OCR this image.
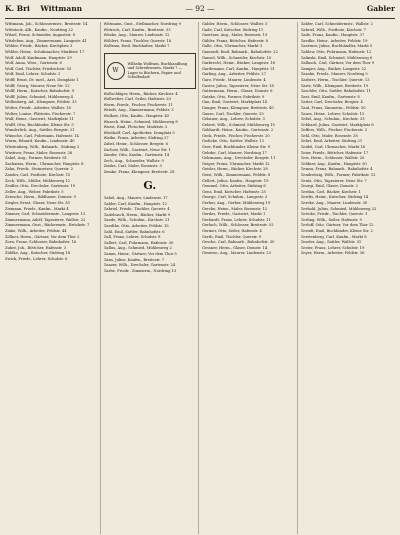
K. Bri Wittmann	— 92 —	Gabler
Wittmann, Joh., Schlossermstr., Breitestr. 14
Wittstock, Alb., Kaufm., Nordring 22
Witzel, Franz, Schneider, Auguststr. 8
Witzleben, Aug., Zimmermann, Langestr. 41
Wöhler, Friedr., Bäcker, Kirchplatz 3
Wöhler, Heinr., Schuhmacher, Marktstr. 17
Wolf, Adolf, Kaufmann, Hauptstr. 29
Wolf, Anna, Wwe., Gartenstr. 6
Wolf, Carl, Tischler, Friedrichstr. 55
Wolf, Emil, Lehrer, Schulstr. 2
Wolff, Ernst, Dr. med., Arzt, Domplatz 1
Wolff, Georg, Maurer, Neue Str. 12
Wolff, Herm., Kutscher, Bahnhofstr. 9
Wolff, Julius, Schmied, Mühlenweg 4
Wollenberg, Ad., Klempner, Feldstr. 33
Wolter, Friedr., Arbeiter, Wallstr. 18
Wolter, Louise, Plätterin, Fischerstr. 7
Wulf, Heinr., Gastwirt, Marktplatz 11
Wulff, Otto, Buchbinder, Kleine Str. 5
Wunderlich, Aug., Sattler, Bergstr. 21
Wünsche, Carl, Fuhrmann, Hafenstr. 14
Wurm, Eduard, Kaufm., Lindenstr. 40
Wüstenberg, Wilh., Bahnarb., Südring 3
Wustrow, Franz, Maler, Rosenstr. 26
Zabel, Aug., Former, Breitestr. 61
Zacharias, Herm., Uhrmacher, Hauptstr. 8
Zahn, Friedr., Steinsetzer, Querstr. 2
Zander, Carl, Postbote, Kirchstr. 15
Zech, Wilh., Müller, Mühlenweg 12
Zeidler, Otto, Drechsler, Gartenstr. 19
Zeller, Aug., Weber, Fabrikstr. 5
Zetzsche, Herm., Bildhauer, Domstr. 9
Ziegler, Ernst, Glaser, Neue Str. 30
Ziemann, Friedr., Kaufm., Markt 4
Zimmer, Carl, Schneidermstr., Langestr. 13
Zimmermann, Adolf, Tapezierer, Wallstr. 22
Zimmermann, Gust., Bäckermstr., Brückstr. 7
Zinke, Wilh., Arbeiter, Feldstr. 44
Zöllner, Herm., Gärtner, Vor dem Thor 2
Zorn, Franz, Schlosser, Bahnhofstr. 16
Zuber, Joh., Böttcher, Hafenstr. 3
Zühlke, Aug., Kutscher, Südring 18
Zwick, Friedr., Lehrer, Schulstr. 6
Wittmann, Gust., Stellmacher, Nordring 9
Wittrock, Carl, Kaufm., Breitestr. 33
Witzke, Aug., Maurer, Lindenstr. 12
Wöhlert, Franz, Tischler, Querstr. 18
Wolfram, Emil, Buchhalter, Markt 7
W
Wilhelm Wolfram, Buchhandlung und Schreibwaren, Markt 7 — Lager in Büchern, Papier und Schulbedarf.
Wollschläger, Herm., Bäcker, Kirchstr. 4
Wollweber, Carl, Seiler, Hafenstr. 20
Worm, Friedr., Fischer, Fischerstr. 11
Wriedt, Aug., Zimmermann, Feldstr. 3
Wulkow, Otto, Kaufm., Hauptstr. 45
Wunsch, Heinr., Schmied, Mühlenweg 8
Wurst, Emil, Fleischer, Marktstr. 2
Wüsthoff, Carl, Apotheker, Domplatz 5
Wutke, Franz, Arbeiter, Südring 27
Zabel, Heinr., Schlosser, Bergstr. 6
Zachow, Wilh., Gastwirt, Neue Str. 1
Zander, Otto, Kaufm., Gartenstr. 14
Zech, Aug., Schneider, Wallstr. 9
Zeiske, Carl, Maler, Rosenstr. 3
Zemke, Franz, Klempner, Breitestr. 28
G.
Gabel, Aug., Maurer, Lindenstr. 17
Gabler, Carl, Kaufm., Hauptstr. 12
Gabriel, Friedr., Tischler, Querstr. 4
Gadebusch, Herm., Bäcker, Markt 9
Gaede, Wilh., Schuhm., Kirchstr. 21
Gaedtke, Otto, Arbeiter, Feldstr. 15
Gahl, Emil, Sattler, Bahnhofstr. 6
Gall, Franz, Lehrer, Schulstr. 8
Gallert, Carl, Fuhrmann, Hafenstr. 30
Gallus, Aug., Schmied, Mühlenweg 2
Gamm, Heinr., Gärtner, Vor dem Thor 5
Gans, Julius, Kaufm., Breitestr. 7
Ganzer, Wilh., Drechsler, Gartenstr. 24
Garbe, Friedr., Zimmerm., Nordring 13
Gabler, Herm., Schlosser, Wallstr. 5
Gade, Carl, Kutscher, Südring 11
Gaertner, Aug., Maler, Rosenstr. 19
Gäbler, Franz, Böttcher, Hafenstr. 8
Galle, Otto, Uhrmacher, Markt 3
Gamradt, Emil, Bahnarb., Bahnhofstr. 22
Gansel, Wilh., Schneider, Kirchstr. 10
Garbrecht, Heinr., Bäcker, Langestr. 16
Gardemann, Carl, Kaufm., Hauptstr. 31
Garling, Aug., Arbeiter, Feldstr. 27
Garz, Friedr., Maurer, Lindenstr. 4
Gaster, Julius, Tapezierer, Neue Str. 18
Gattermann, Herm., Glaser, Domstr. 6
Gatzke, Otto, Former, Fabrikstr. 9
Gau, Emil, Gastwirt, Marktplatz 14
Gauger, Franz, Klempner, Breitestr. 40
Gause, Carl, Tischler, Querstr. 25
Gebauer, Aug., Lehrer, Schulstr. 3
Gebert, Wilh., Schmied, Mühlenweg 15
Gebhardt, Heinr., Kaufm., Gartenstr. 2
Geck, Friedr., Fischer, Fischerstr. 20
Gedicke, Otto, Sattler, Wallstr. 13
Geer, Emil, Buchbinder, Kleine Str. 9
Gehrke, Carl, Maurer, Nordring 17
Gehrmann, Aug., Drechsler, Bergstr. 11
Geiger, Franz, Uhrmacher, Markt 12
Geisler, Herm., Bäcker, Kirchstr. 28
Geist, Wilh., Zimmermann, Feldstr. 8
Gellert, Julius, Kaufm., Hauptstr. 19
Gemmel, Otto, Arbeiter, Südring 6
Genz, Emil, Kutscher, Hafenstr. 25
George, Carl, Schuhm., Langestr. 3
Gerber, Aug., Gerber, Mühlenweg 19
Gercke, Heinr., Maler, Rosenstr. 12
Gerdes, Friedr., Gastwirt, Markt 1
Gerhardt, Franz, Lehrer, Schulstr. 11
Gerlach, Wilh., Schlosser, Breitestr. 52
Germer, Otto, Seiler, Hafenstr. 4
Gerth, Emil, Tischler, Querstr. 9
Gesche, Carl, Bahnarb., Bahnhofstr. 30
Gessner, Herm., Glaser, Domstr. 14
Gewiese, Aug., Maurer, Lindenstr. 23
Gabler, Carl, Schneidermstr., Wallstr. 2
Gabriel, Wilh., Postbote, Kirchstr. 7
Gade, Franz, Kaufm., Hauptstr. 37
Gaedke, Heinr., Arbeiter, Feldstr. 19
Gaertner, Julius, Buchhändler, Markt 5
Gahlow, Otto, Fuhrmann, Hafenstr. 12
Galinski, Emil, Schmied, Mühlenweg 6
Gallasch, Carl, Gärtner, Vor dem Thor 9
Gamper, Aug., Bäcker, Langestr. 22
Ganske, Friedr., Maurer, Nordring 5
Garbers, Herm., Tischler, Querstr. 13
Gartz, Wilh., Klempner, Breitestr. 19
Gaschler, Otto, Sattler, Bahnhofstr. 11
Gast, Emil, Kaufm., Gartenstr. 8
Gatter, Carl, Drechsler, Bergstr. 4
Gaul, Franz, Zimmerm., Feldstr. 30
Gauss, Heinr., Lehrer, Schulstr. 15
Gebel, Aug., Schuhm., Kirchstr. 33
Gebhard, Julius, Gastwirt, Marktplatz 6
Geffers, Wilh., Fischer, Fischerstr. 2
Gehl, Otto, Maler, Rosenstr. 28
Gehrt, Emil, Arbeiter, Südring 21
Geidel, Carl, Uhrmacher, Markt 16
Geier, Friedr., Böttcher, Hafenstr. 17
Geis, Herm., Schlosser, Wallstr. 20
Geldner, Aug., Kaufm., Hauptstr. 50
Gemsa, Franz, Bahnarb., Bahnhofstr. 4
Gendreitzig, Wilh., Former, Fabrikstr. 12
Gentz, Otto, Tapezierer, Neue Str. 7
Georgi, Emil, Glaser, Domstr. 2
Gerdau, Carl, Bäcker, Kirchstr. 1
Gerdts, Heinr., Kutscher, Südring 14
Gereke, Aug., Maurer, Lindenstr. 30
Gerhold, Julius, Schmied, Mühlenweg 22
Gericke, Friedr., Tischler, Querstr. 1
Gerling, Wilh., Seiler, Hafenstr. 9
Gerloff, Otto, Gärtner, Vor dem Thor 12
Gerndt, Emil, Buchbinder, Kleine Str. 2
Gerstenberg, Carl, Kaufm., Markt 8
Gessler, Aug., Sattler, Wallstr. 31
Gester, Franz, Lehrer, Schulstr. 19
Geyer, Herm., Arbeiter, Feldstr. 36
